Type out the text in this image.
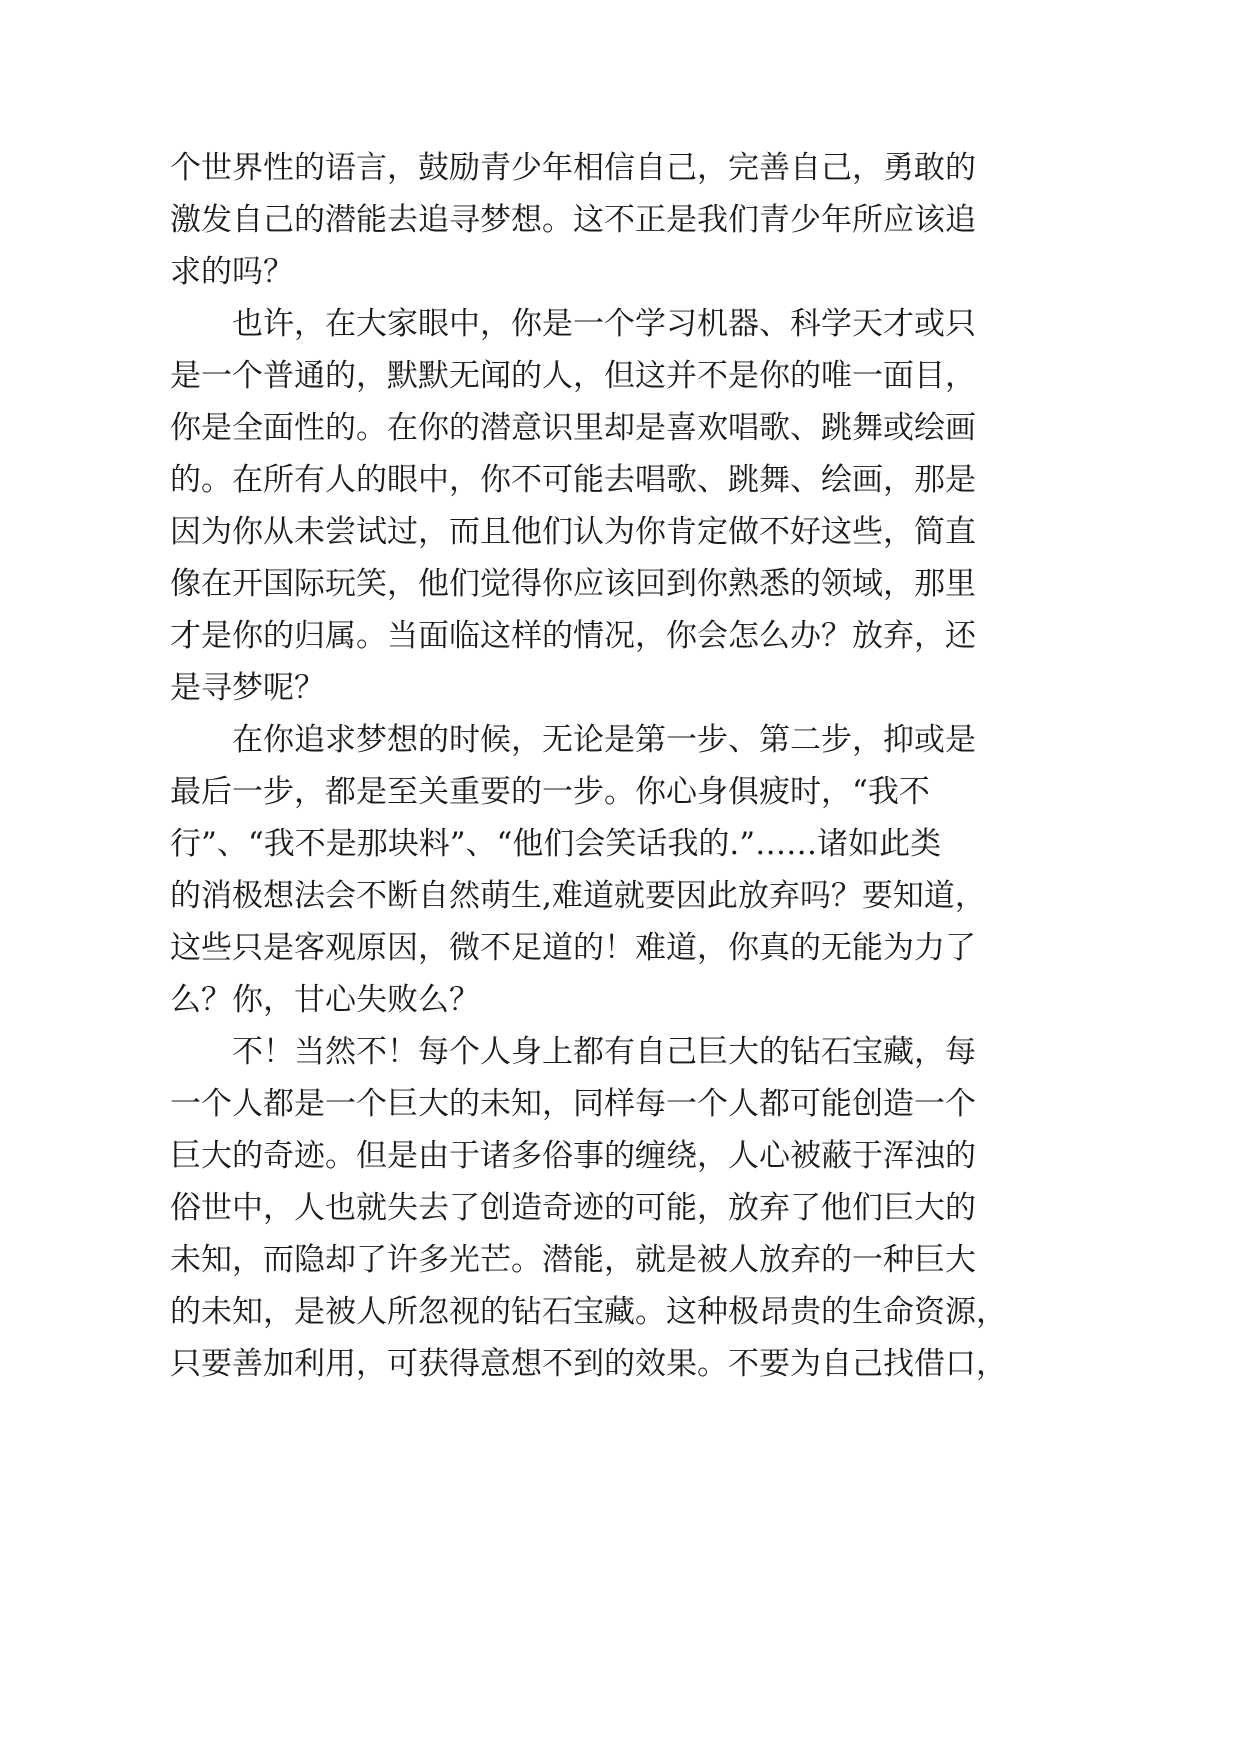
个世界性的语言，鼓励青少年相信自己，完善自己，勇敢的
激发自己的潜能去追寻梦想。这不正是我们青少年所应该追
求的吗？
也许，在大家眼中，你是一个学习机器、科学天才或只
是一个普通的，默默无闻的人，但这并不是你的唯一面目，
你是全面性的。在你的潜意识里却是喜欢唱歌、跳舞或绘画
的。在所有人的眼中，你不可能去唱歌、跳舞、绘画，那是
因为你从未尝试过，而且他们认为你肯定做不好这些，简直
像在开国际玩笑，他们觉得你应该回到你熟悉的领域，那里
才是你的归属。当面临这样的情况，你会怎么办？放弃，还
是寻梦呢？
在你追求梦想的时候，无论是第一步、第二步，抑或是
最后一步，都是至关重要的一步。你心身俱疲时，“我不
行”、“我不是那块料”、“他们会笑话我的.”……诸如此类
的消极想法会不断自然萌生,难道就要因此放弃吗？要知道，
这些只是客观原因，微不足道的！难道，你真的无能为力了
么？你，甘心失败么？
不！当然不！每个人身上都有自己巨大的钻石宝藏，每
一个人都是一个巨大的未知，同样每一个人都可能创造一个
巨大的奇迹。但是由于诸多俗事的缠绕，人心被蔽于浑浊的
俗世中，人也就失去了创造奇迹的可能，放弃了他们巨大的
未知，而隐却了许多光芒。潜能，就是被人放弃的一种巨大
的未知，是被人所忽视的钻石宝藏。这种极昂贵的生命资源，
只要善加利用，可获得意想不到的效果。不要为自己找借口，
